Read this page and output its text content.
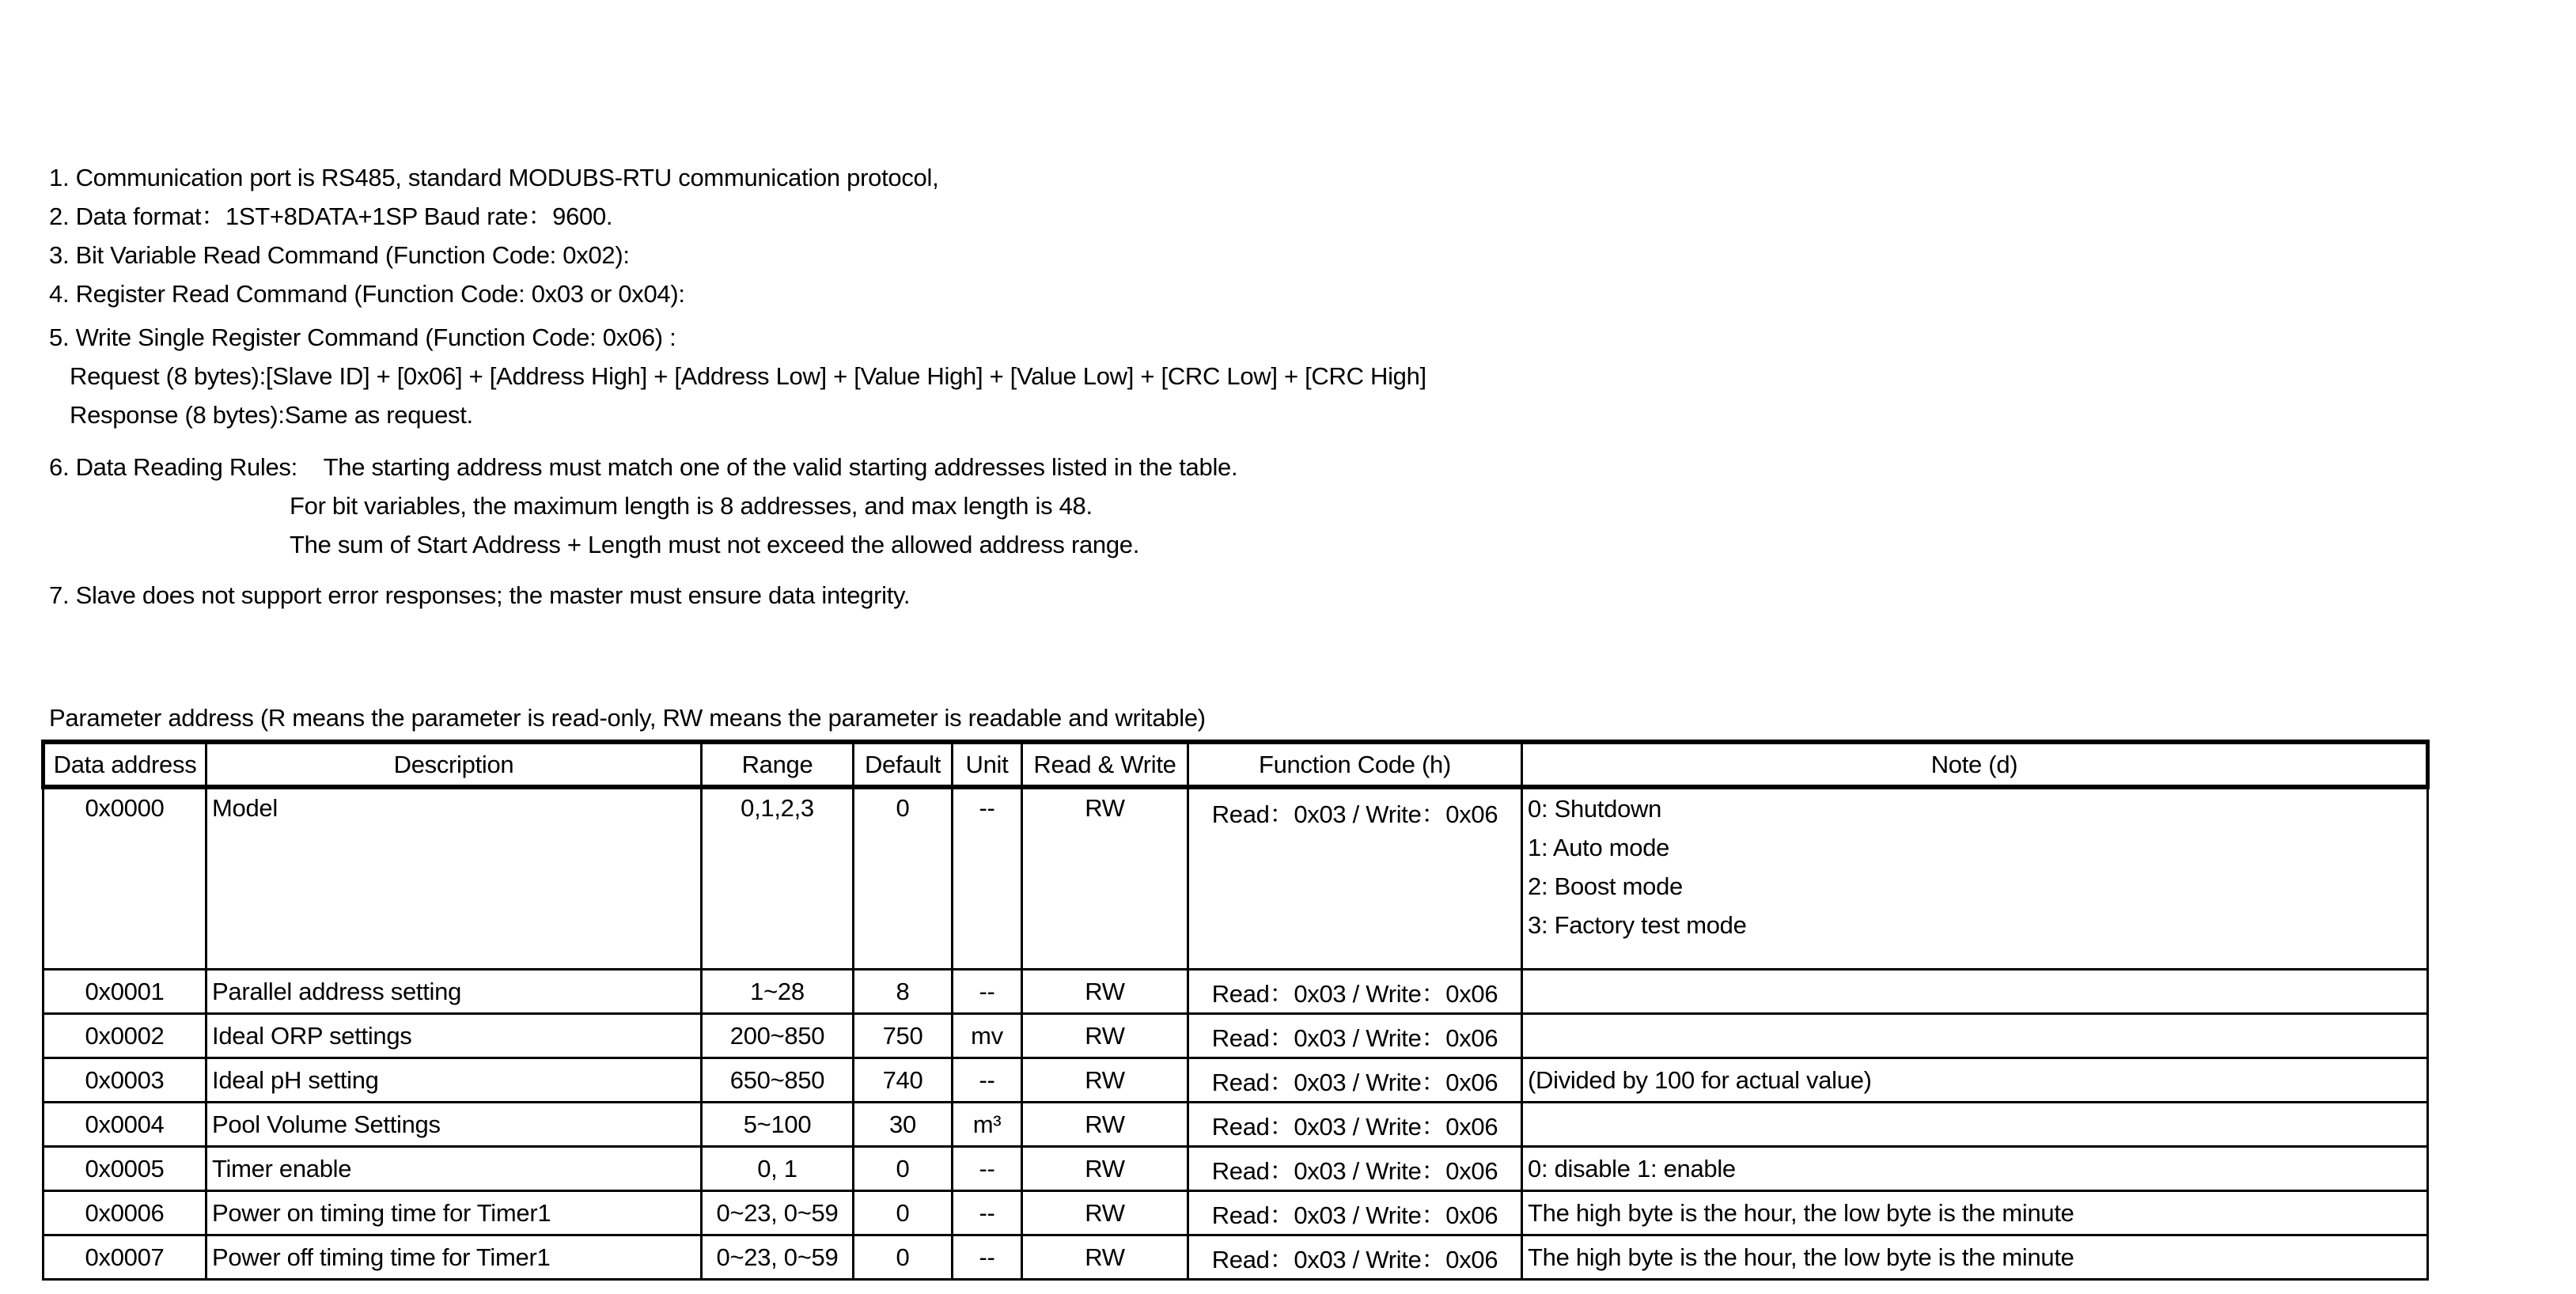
1. Communication port is RS485, standard MODUBS-RTU communication protocol,
2. Data format：1ST+8DATA+1SP Baud rate：9600.
3. Bit Variable Read Command (Function Code: 0x02):
4. Register Read Command (Function Code: 0x03 or 0x04):
5. Write Single Register Command (Function Code: 0x06) :
Request (8 bytes):[Slave ID] + [0x06] + [Address High] + [Address Low] + [Value High] + [Value Low] + [CRC Low] + [CRC High]
Response (8 bytes):Same as request.
6. Data Reading Rules:    The starting address must match one of the valid starting addresses listed in the table.
For bit variables, the maximum length is 8 addresses, and max length is 48.
The sum of Start Address + Length must not exceed the allowed address range.
7. Slave does not support error responses; the master must ensure data integrity.
Parameter address (R means the parameter is read-only, RW means the parameter is readable and writable)
Data address	Description	Range	Default	Unit	Read & Write	Function Code (h)	Note (d)
0x0000	Model	0,1,2,3	0	--	RW	Read：0x03 / Write：0x06	0: Shutdown
1: Auto mode
2: Boost mode
3: Factory test mode

0x0001	Parallel address setting	1~28	8	--	RW	Read：0x03 / Write：0x06	
0x0002	Ideal ORP settings	200~850	750	mv	RW	Read：0x03 / Write：0x06	
0x0003	Ideal pH setting	650~850	740	--	RW	Read：0x03 / Write：0x06	(Divided by 100 for actual value)
0x0004	Pool Volume Settings	5~100	30	m³	RW	Read：0x03 / Write：0x06	
0x0005	Timer enable	0, 1	0	--	RW	Read：0x03 / Write：0x06	0: disable 1: enable
0x0006	Power on timing time for Timer1	0~23, 0~59	0	--	RW	Read：0x03 / Write：0x06	The high byte is the hour, the low byte is the minute
0x0007	Power off timing time for Timer1	0~23, 0~59	0	--	RW	Read：0x03 / Write：0x06	The high byte is the hour, the low byte is the minute
